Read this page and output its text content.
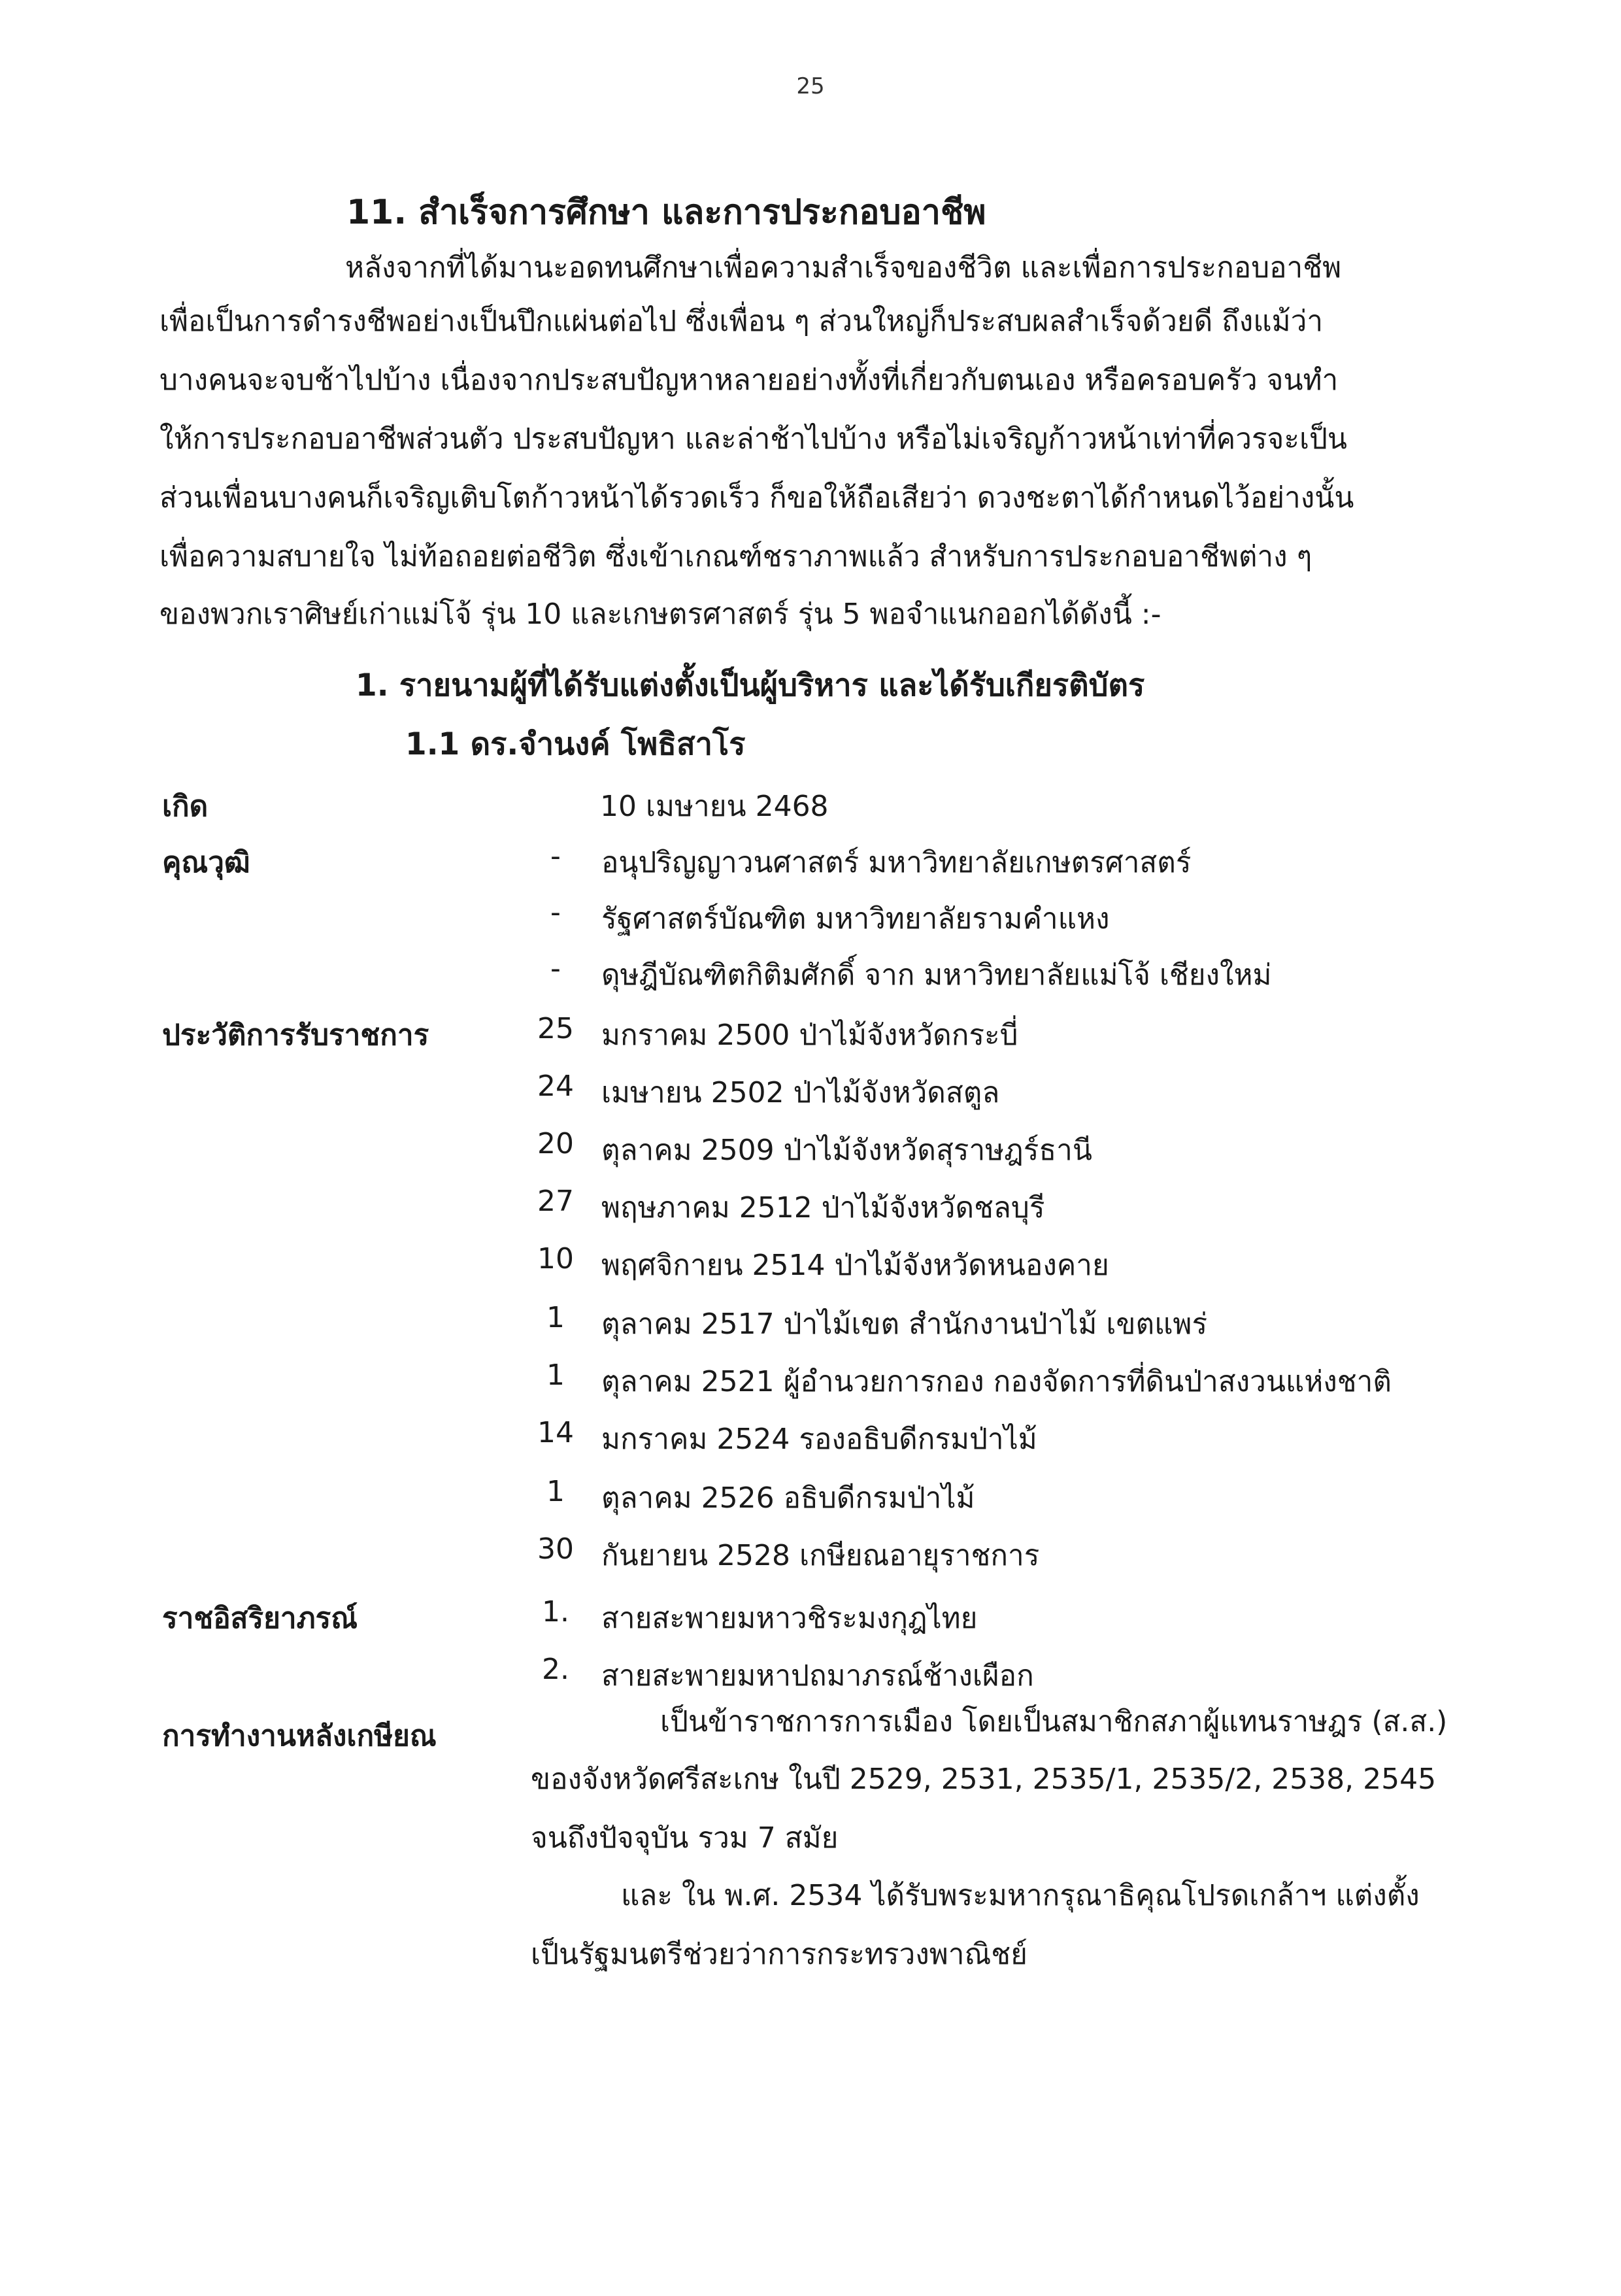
25
11. สำเร็จการศึกษา และการประกอบอาชีพ
หลังจากที่ได้มานะอดทนศึกษาเพื่อความสำเร็จของชีวิต และเพื่อการประกอบอาชีพ
เพื่อเป็นการดำรงชีพอย่างเป็นปึกแผ่นต่อไป ซึ่งเพื่อน ๆ ส่วนใหญ่ก็ประสบผลสำเร็จด้วยดี ถึงแม้ว่า
บางคนจะจบช้าไปบ้าง เนื่องจากประสบปัญหาหลายอย่างทั้งที่เกี่ยวกับตนเอง หรือครอบครัว จนทำ
ให้การประกอบอาชีพส่วนตัว ประสบปัญหา และล่าช้าไปบ้าง หรือไม่เจริญก้าวหน้าเท่าที่ควรจะเป็น
ส่วนเพื่อนบางคนก็เจริญเติบโตก้าวหน้าได้รวดเร็ว ก็ขอให้ถือเสียว่า ดวงชะตาได้กำหนดไว้อย่างนั้น
เพื่อความสบายใจ ไม่ท้อถอยต่อชีวิต ซึ่งเข้าเกณฑ์ชราภาพแล้ว สำหรับการประกอบอาชีพต่าง ๆ
ของพวกเราศิษย์เก่าแม่โจ้ รุ่น 10 และเกษตรศาสตร์ รุ่น 5 พอจำแนกออกได้ดังนี้ :-
1. รายนามผู้ที่ได้รับแต่งตั้งเป็นผู้บริหาร และได้รับเกียรติบัตร
1.1 ดร.จำนงค์ โพธิสาโร
เกิด	10 เมษายน 2468
คุณวุฒิ	-	อนุปริญญาวนศาสตร์ มหาวิทยาลัยเกษตรศาสตร์
-	รัฐศาสตร์บัณฑิต มหาวิทยาลัยรามคำแหง
-	ดุษฎีบัณฑิตกิติมศักดิ์ จาก มหาวิทยาลัยแม่โจ้ เชียงใหม่
ประวัติการรับราชการ	25 มกราคม 2500 ป่าไม้จังหวัดกระบี่
24 เมษายน 2502 ป่าไม้จังหวัดสตูล
20 ตุลาคม 2509 ป่าไม้จังหวัดสุราษฎร์ธานี
27 พฤษภาคม 2512 ป่าไม้จังหวัดชลบุรี
10 พฤศจิกายน 2514 ป่าไม้จังหวัดหนองคาย
1	ตุลาคม 2517 ป่าไม้เขต สำนักงานป่าไม้ เขตแพร่
1	ตุลาคม 2521 ผู้อำนวยการกอง กองจัดการที่ดินป่าสงวนแห่งชาติ
14 มกราคม 2524 รองอธิบดีกรมป่าไม้
1	ตุลาคม 2526 อธิบดีกรมป่าไม้
30 กันยายน 2528 เกษียณอายุราชการ
ราชอิสริยาภรณ์	1.	สายสะพายมหาวชิระมงกุฎไทย
2.	สายสะพายมหาปถมาภรณ์ช้างเผือก
การทำงานหลังเกษียณ	เป็นข้าราชการการเมือง โดยเป็นสมาชิกสภาผู้แทนราษฎร (ส.ส.)
ของจังหวัดศรีสะเกษ ในปี 2529, 2531, 2535/1, 2535/2, 2538, 2545
จนถึงปัจจุบัน รวม 7 สมัย
และ ใน พ.ศ. 2534 ได้รับพระมหากรุณาธิคุณโปรดเกล้าฯ แต่งตั้ง
เป็นรัฐมนตรีช่วยว่าการกระทรวงพาณิชย์
